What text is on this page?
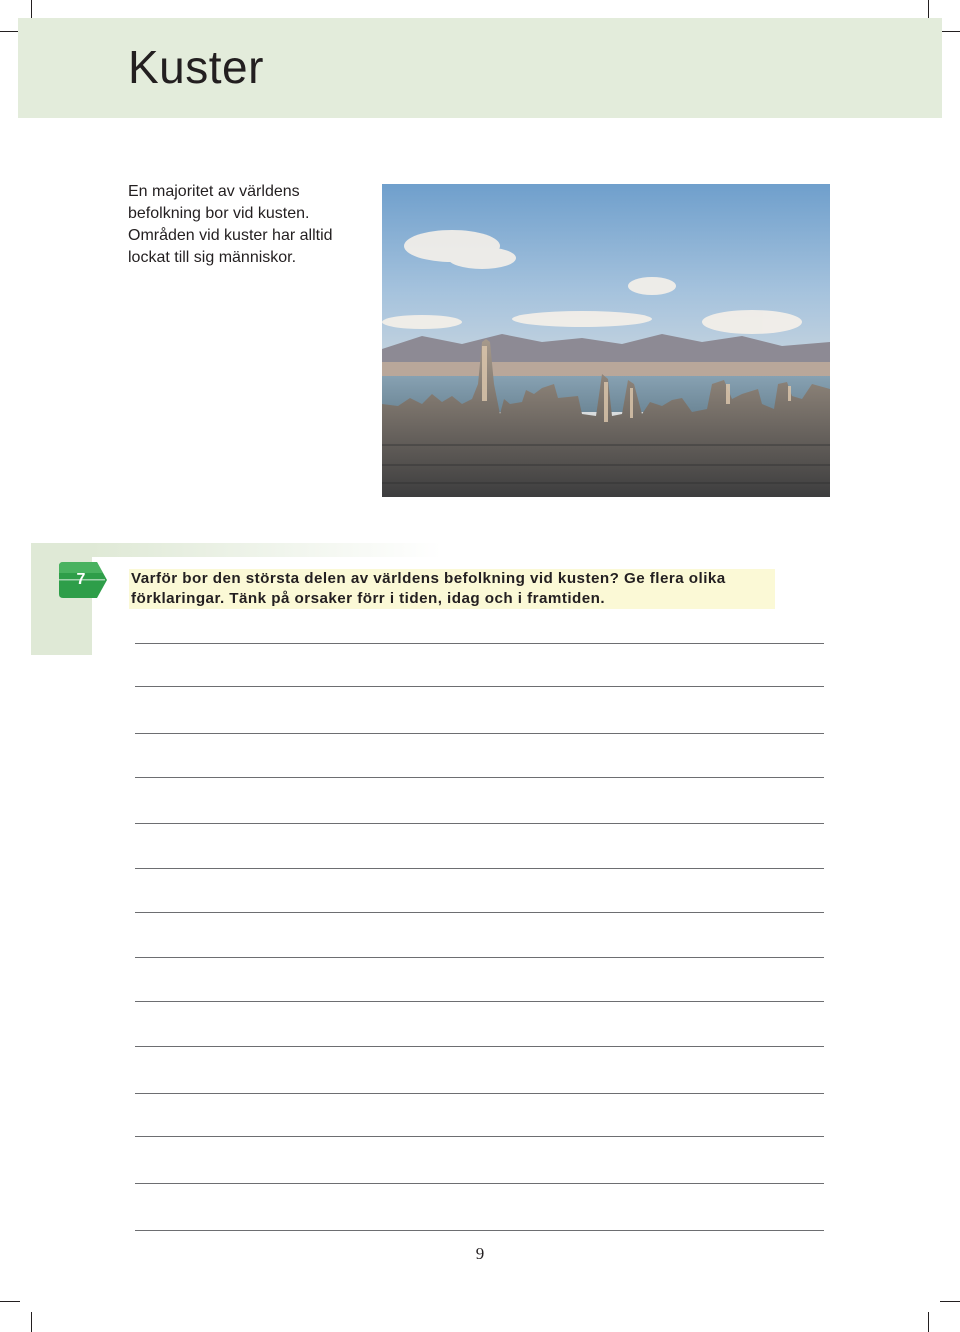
Kuster
En majoritet av världens
befolkning bor vid kusten.
Områden vid kuster har alltid
lockat till sig människor.
7	Varför bor den största delen av världens befolkning vid kusten? Ge flera olika
förklaringar. Tänk på orsaker förr i tiden, idag och i framtiden.
9
